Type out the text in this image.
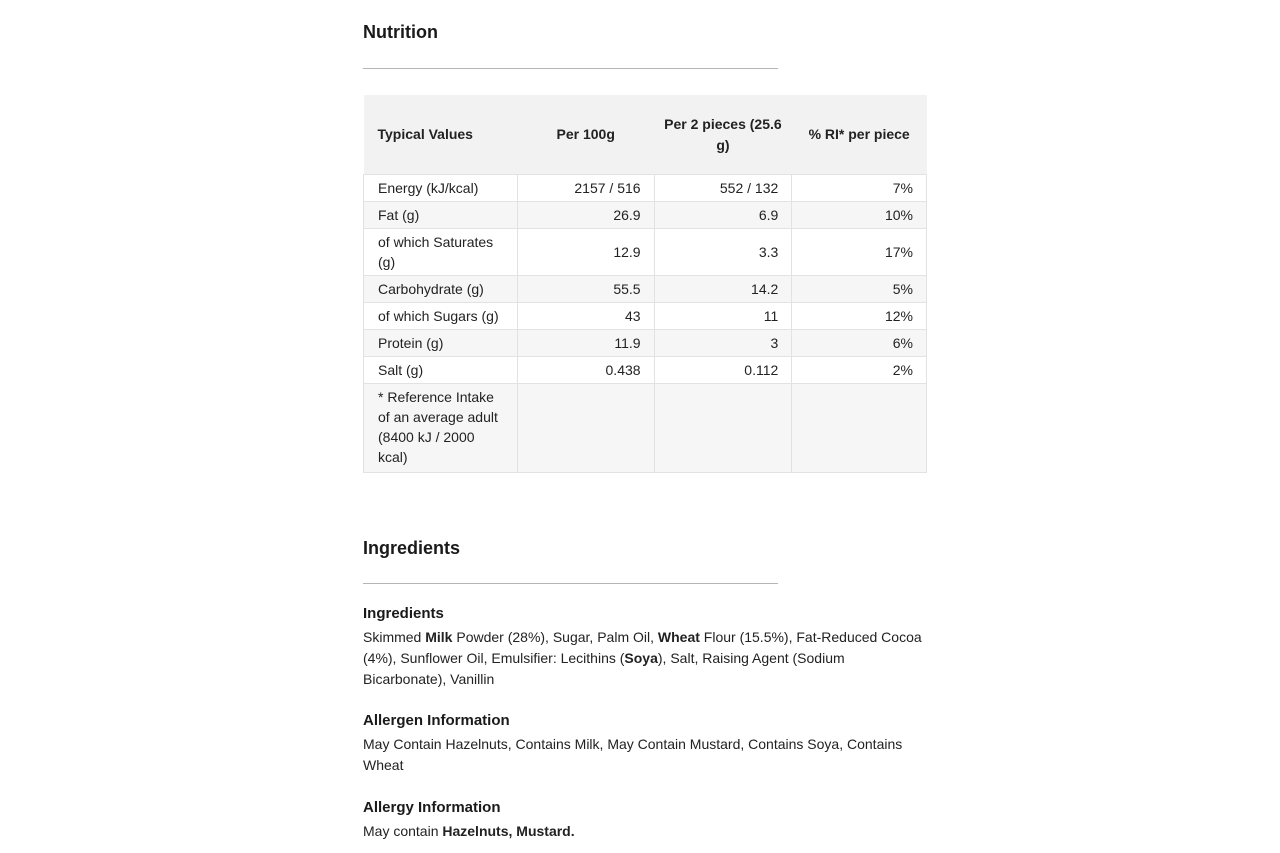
Nutrition
Typical Values	Per 100g	Per 2 pieces (25.6 g)	% RI* per piece
Energy (kJ/kcal)	2157 / 516	552 / 132	7%
Fat (g)	26.9	6.9	10%
of which Saturates (g)	12.9	3.3	17%
Carbohydrate (g)	55.5	14.2	5%
of which Sugars (g)	43	11	12%
Protein (g)	11.9	3	6%
Salt (g)	0.438	0.112	2%
* Reference Intake of an average adult (8400 kJ / 2000 kcal)			
Ingredients
Ingredients

Skimmed Milk Powder (28%), Sugar, Palm Oil, Wheat Flour (15.5%), Fat-Reduced Cocoa (4%), Sunflower Oil, Emulsifier: Lecithins (Soya), Salt, Raising Agent (Sodium Bicarbonate), Vanillin

Allergen Information

May Contain Hazelnuts, Contains Milk, May Contain Mustard, Contains Soya, Contains Wheat

Allergy Information

May contain Hazelnuts, Mustard.
